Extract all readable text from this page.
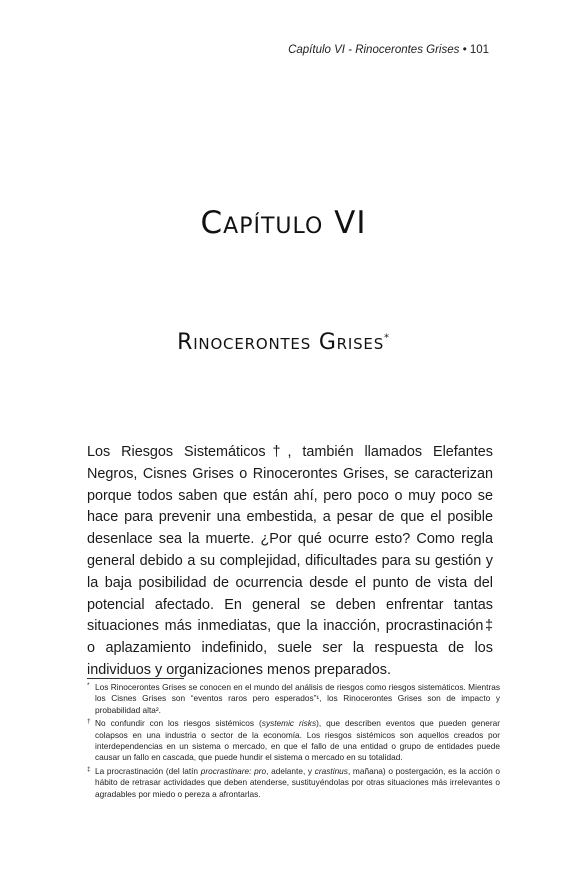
Capítulo VI - Rinocerontes Grises • 101
Capítulo VI
Rinocerontes Grises*

Los Riesgos Sistemáticos†, también llamados Elefantes Negros, Cisnes Grises o Rinocerontes Grises, se caracterizan porque todos saben que están ahí, pero poco o muy poco se hace para prevenir una embestida, a pesar de que el posible desenlace sea la muerte. ¿Por qué ocurre esto? Como regla general debido a su complejidad, dificultades para su gestión y la baja posibilidad de ocurrencia desde el punto de vista del potencial afectado. En general se deben enfrentar tantas situaciones más inmediatas, que la inacción, procrastinación‡ o aplazamiento indefinido, suele ser la respuesta de los individuos y organizaciones menos preparados.

* Los Rinocerontes Grises se conocen en el mundo del análisis de riesgos como riesgos sistemáticos. Mientras los Cisnes Grises son “eventos raros pero esperados”¹, los Rinocerontes Grises son de impacto y probabilidad alta².
† No confundir con los riesgos sistémicos (systemic risks), que describen eventos que pueden generar colapsos en una industria o sector de la economía. Los riesgos sistémicos son aquellos creados por interdependencias en un sistema o mercado, en que el fallo de una entidad o grupo de entidades puede causar un fallo en cascada, que puede hundir el sistema o mercado en su totalidad.
‡ La procrastinación (del latín procrastinare: pro, adelante, y crastinus, mañana) o postergación, es la acción o hábito de retrasar actividades que deben atenderse, sustituyéndolas por otras situaciones más irrelevantes o agradables por miedo o pereza a afrontarlas.
